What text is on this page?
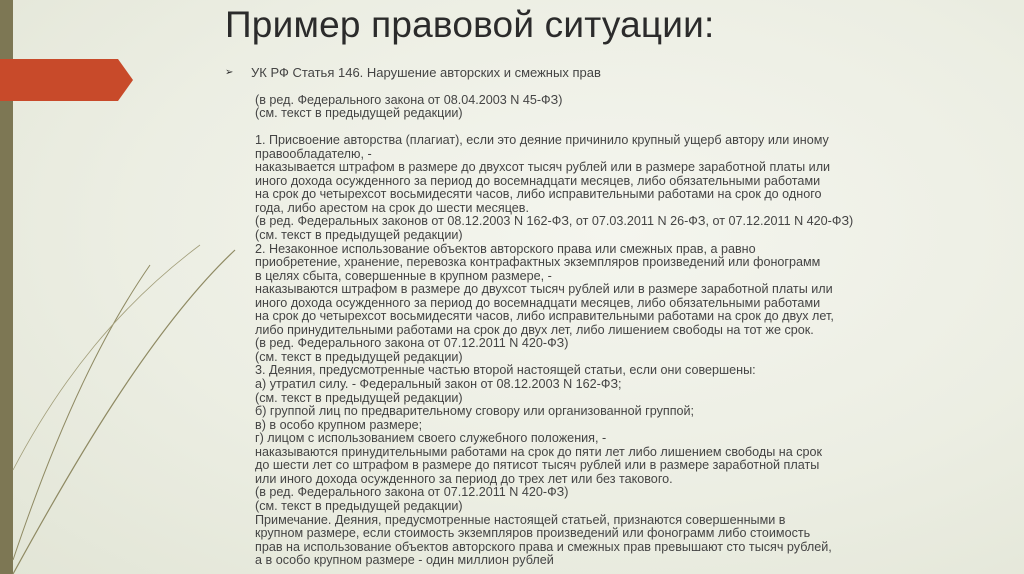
Пример правовой ситуации:
➢	УК РФ Статья 146. Нарушение авторских и смежных прав

(в ред. Федерального закона от 08.04.2003 N 45-ФЗ)
(см. текст в предыдущей редакции)

1. Присвоение авторства (плагиат), если это деяние причинило крупный ущерб автору или иному
правообладателю, -
наказывается штрафом в размере до двухсот тысяч рублей или в размере заработной платы или
иного дохода осужденного за период до восемнадцати месяцев, либо обязательными работами
на срок до четырехсот восьмидесяти часов, либо исправительными работами на срок до одного
года, либо арестом на срок до шести месяцев.
(в ред. Федеральных законов от 08.12.2003 N 162-ФЗ, от 07.03.2011 N 26-ФЗ, от 07.12.2011 N 420-ФЗ)
(см. текст в предыдущей редакции)
2. Незаконное использование объектов авторского права или смежных прав, а равно
приобретение, хранение, перевозка контрафактных экземпляров произведений или фонограмм
в целях сбыта, совершенные в крупном размере, -
наказываются штрафом в размере до двухсот тысяч рублей или в размере заработной платы или
иного дохода осужденного за период до восемнадцати месяцев, либо обязательными работами
на срок до четырехсот восьмидесяти часов, либо исправительными работами на срок до двух лет,
либо принудительными работами на срок до двух лет, либо лишением свободы на тот же срок.
(в ред. Федерального закона от 07.12.2011 N 420-ФЗ)
(см. текст в предыдущей редакции)
3. Деяния, предусмотренные частью второй настоящей статьи, если они совершены:
а) утратил силу. - Федеральный закон от 08.12.2003 N 162-ФЗ;
(см. текст в предыдущей редакции)
б) группой лиц по предварительному сговору или организованной группой;
в) в особо крупном размере;
г) лицом с использованием своего служебного положения, -
наказываются принудительными работами на срок до пяти лет либо лишением свободы на срок
до шести лет со штрафом в размере до пятисот тысяч рублей или в размере заработной платы
или иного дохода осужденного за период до трех лет или без такового.
(в ред. Федерального закона от 07.12.2011 N 420-ФЗ)
(см. текст в предыдущей редакции)
Примечание. Деяния, предусмотренные настоящей статьей, признаются совершенными в
крупном размере, если стоимость экземпляров произведений или фонограмм либо стоимость
прав на использование объектов авторского права и смежных прав превышают сто тысяч рублей,
а в особо крупном размере - один миллион рублей
